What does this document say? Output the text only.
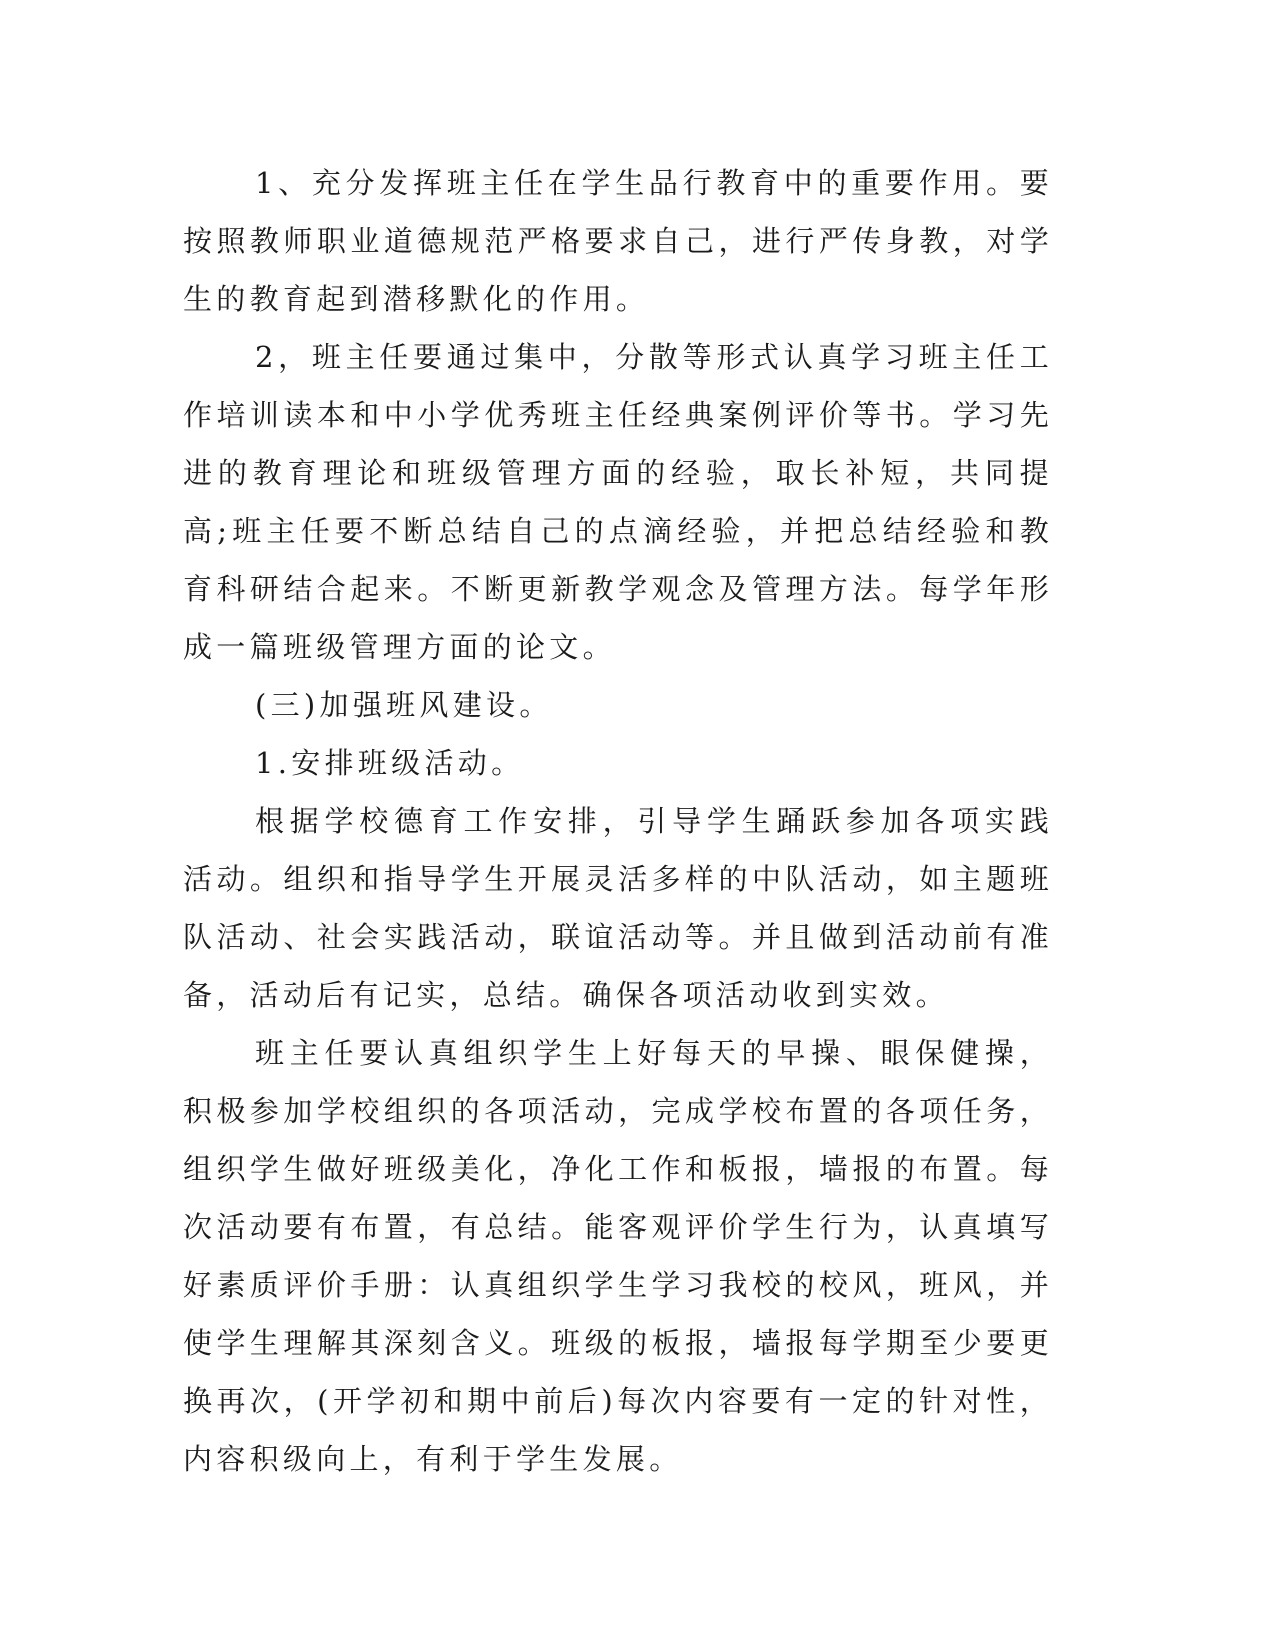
1、充分发挥班主任在学生品行教育中的重要作用。要按照教师职业道德规范严格要求自己，进行严传身教，对学生的教育起到潜移默化的作用。

2，班主任要通过集中，分散等形式认真学习班主任工作培训读本和中小学优秀班主任经典案例评价等书。学习先进的教育理论和班级管理方面的经验，取长补短，共同提高;班主任要不断总结自己的点滴经验，并把总结经验和教育科研结合起来。不断更新教学观念及管理方法。每学年形成一篇班级管理方面的论文。

(三)加强班风建设。

1.安排班级活动。

根据学校德育工作安排，引导学生踊跃参加各项实践活动。组织和指导学生开展灵活多样的中队活动，如主题班队活动、社会实践活动，联谊活动等。并且做到活动前有准备，活动后有记实，总结。确保各项活动收到实效。

班主任要认真组织学生上好每天的早操、眼保健操，积极参加学校组织的各项活动，完成学校布置的各项任务，组织学生做好班级美化，净化工作和板报，墙报的布置。每次活动要有布置，有总结。能客观评价学生行为，认真填写好素质评价手册：认真组织学生学习我校的校风，班风，并使学生理解其深刻含义。班级的板报，墙报每学期至少要更换再次，(开学初和期中前后)每次内容要有一定的针对性，内容积级向上，有利于学生发展。
